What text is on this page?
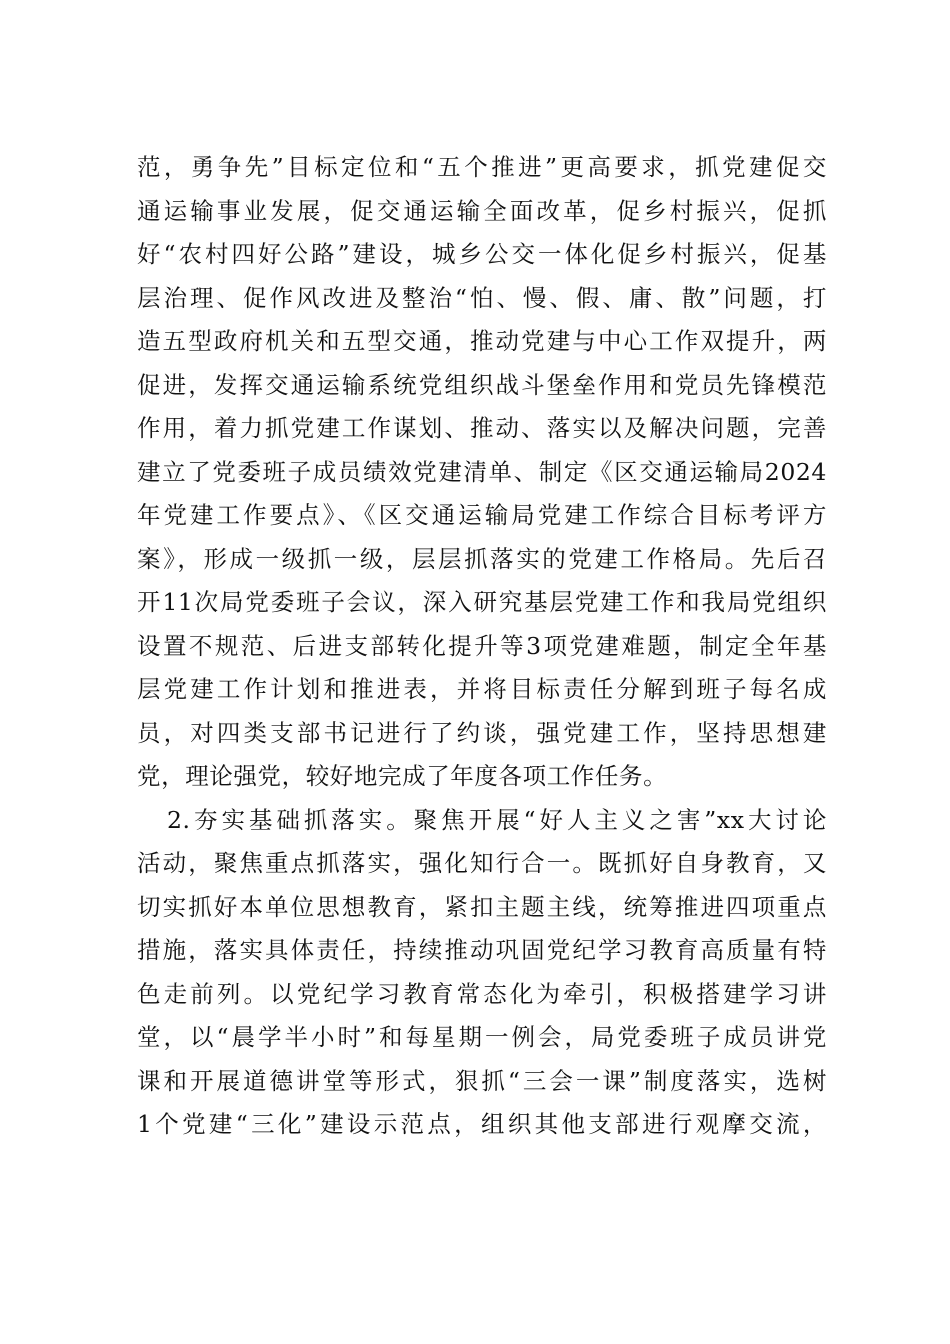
范，勇争先”目标定位和“五个推进”更高要求，抓党建促交
通运输事业发展，促交通运输全面改革，促乡村振兴，促抓
好“农村四好公路”建设，城乡公交一体化促乡村振兴，促基
层治理、促作风改进及整治“怕、慢、假、庸、散”问题，打
造五型政府机关和五型交通，推动党建与中心工作双提升，两
促进，发挥交通运输系统党组织战斗堡垒作用和党员先锋模范
作用，着力抓党建工作谋划、推动、落实以及解决问题，完善
建立了党委班子成员绩效党建清单、制定《区交通运输局2024
年党建工作要点》、《区交通运输局党建工作综合目标考评方
案》，形成一级抓一级，层层抓落实的党建工作格局。先后召
开11次局党委班子会议，深入研究基层党建工作和我局党组织
设置不规范、后进支部转化提升等3项党建难题，制定全年基
层党建工作计划和推进表，并将目标责任分解到班子每名成
员，对四类支部书记进行了约谈，强党建工作，坚持思想建
党，理论强党，较好地完成了年度各项工作任务。
2.夯实基础抓落实。聚焦开展“好人主义之害”xx大讨论
活动，聚焦重点抓落实，强化知行合一。既抓好自身教育，又
切实抓好本单位思想教育，紧扣主题主线，统筹推进四项重点
措施，落实具体责任，持续推动巩固党纪学习教育高质量有特
色走前列。以党纪学习教育常态化为牵引，积极搭建学习讲
堂，以“晨学半小时”和每星期一例会，局党委班子成员讲党
课和开展道德讲堂等形式，狠抓“三会一课”制度落实，选树
1个党建“三化”建设示范点，组织其他支部进行观摩交流，
